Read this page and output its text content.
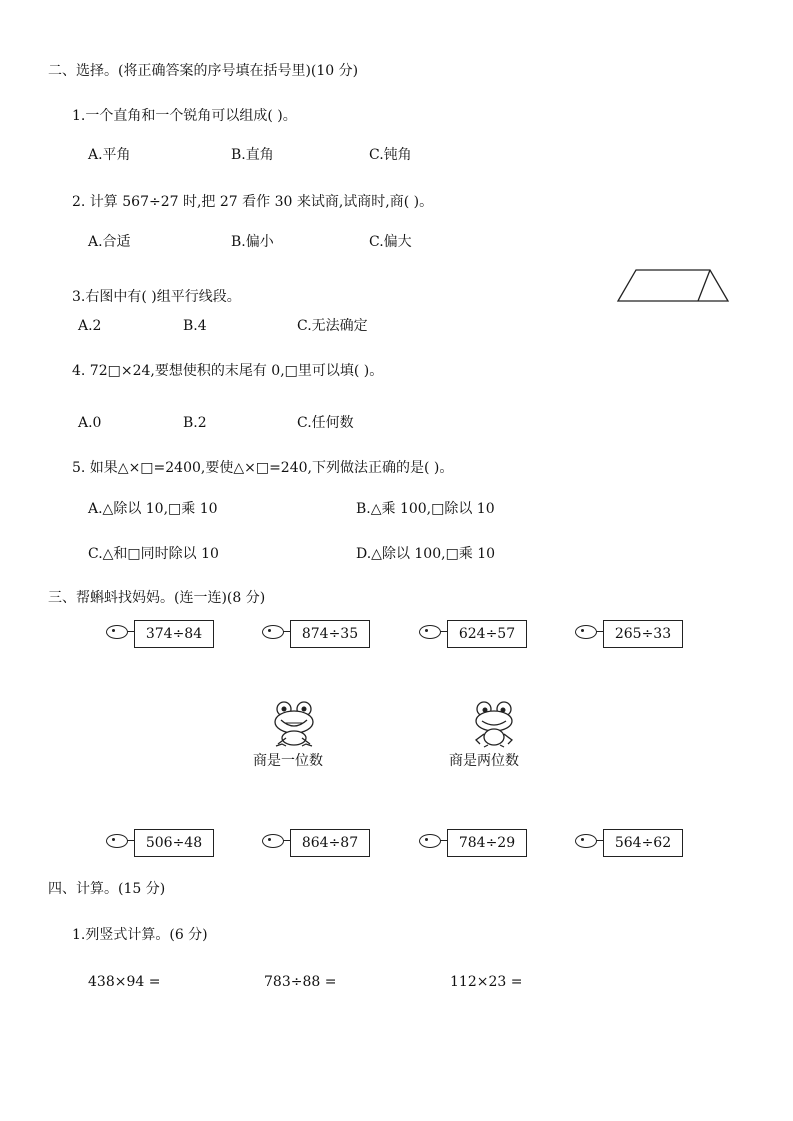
二、选择。(将正确答案的序号填在括号里)(10 分)
1.一个直角和一个锐角可以组成( )。
A.平角	B.直角	C.钝角
2. 计算 567÷27 时,把 27 看作 30 来试商,试商时,商( )。
A.合适	B.偏小	C.偏大
3.右图中有( )组平行线段。
A.2	B.4	C.无法确定
4. 72□×24,要想使积的末尾有 0,□里可以填( )。
A.0	B.2	C.任何数
5. 如果△×□=2400,要使△×□=240,下列做法正确的是( )。
A.△除以 10,□乘 10	B.△乘 100,□除以 10
C.△和□同时除以 10	D.△除以 100,□乘 10
三、帮蝌蚪找妈妈。(连一连)(8 分)
374÷84	874÷35	624÷57	265÷33
商是一位数	商是两位数
506÷48	864÷87	784÷29	564÷62
四、计算。(15 分)
1.列竖式计算。(6 分)
438×94 =	783÷88 =	112×23 =
